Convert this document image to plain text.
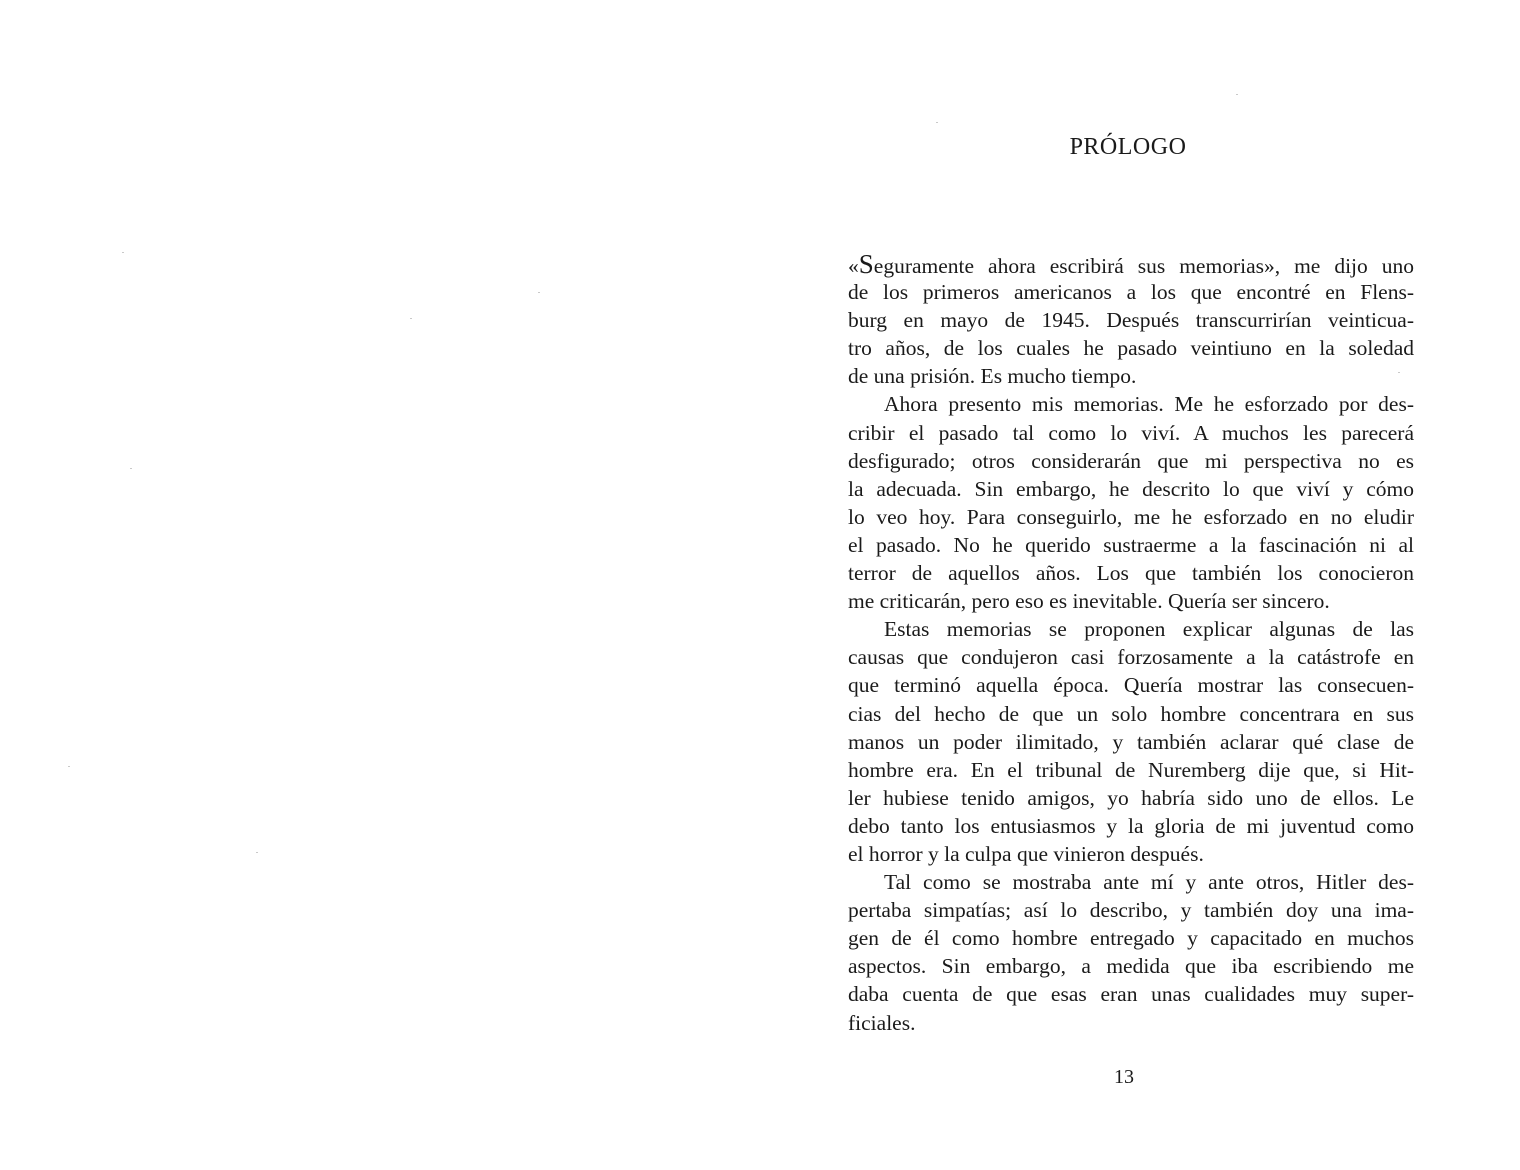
PRÓLOGO
«Seguramente ahora escribirá sus memorias», me dijo uno
de los primeros americanos a los que encontré en Flens-
burg en mayo de 1945. Después transcurrirían veinticua-
tro años, de los cuales he pasado veintiuno en la soledad
de una prisión. Es mucho tiempo.
Ahora presento mis memorias. Me he esforzado por des-
cribir el pasado tal como lo viví. A muchos les parecerá
desfigurado; otros considerarán que mi perspectiva no es
la adecuada. Sin embargo, he descrito lo que viví y cómo
lo veo hoy. Para conseguirlo, me he esforzado en no eludir
el pasado. No he querido sustraerme a la fascinación ni al
terror de aquellos años. Los que también los conocieron
me criticarán, pero eso es inevitable. Quería ser sincero.
Estas memorias se proponen explicar algunas de las
causas que condujeron casi forzosamente a la catástrofe en
que terminó aquella época. Quería mostrar las consecuen-
cias del hecho de que un solo hombre concentrara en sus
manos un poder ilimitado, y también aclarar qué clase de
hombre era. En el tribunal de Nuremberg dije que, si Hit-
ler hubiese tenido amigos, yo habría sido uno de ellos. Le
debo tanto los entusiasmos y la gloria de mi juventud como
el horror y la culpa que vinieron después.
Tal como se mostraba ante mí y ante otros, Hitler des-
pertaba simpatías; así lo describo, y también doy una ima-
gen de él como hombre entregado y capacitado en muchos
aspectos. Sin embargo, a medida que iba escribiendo me
daba cuenta de que esas eran unas cualidades muy super-
ficiales.
13
